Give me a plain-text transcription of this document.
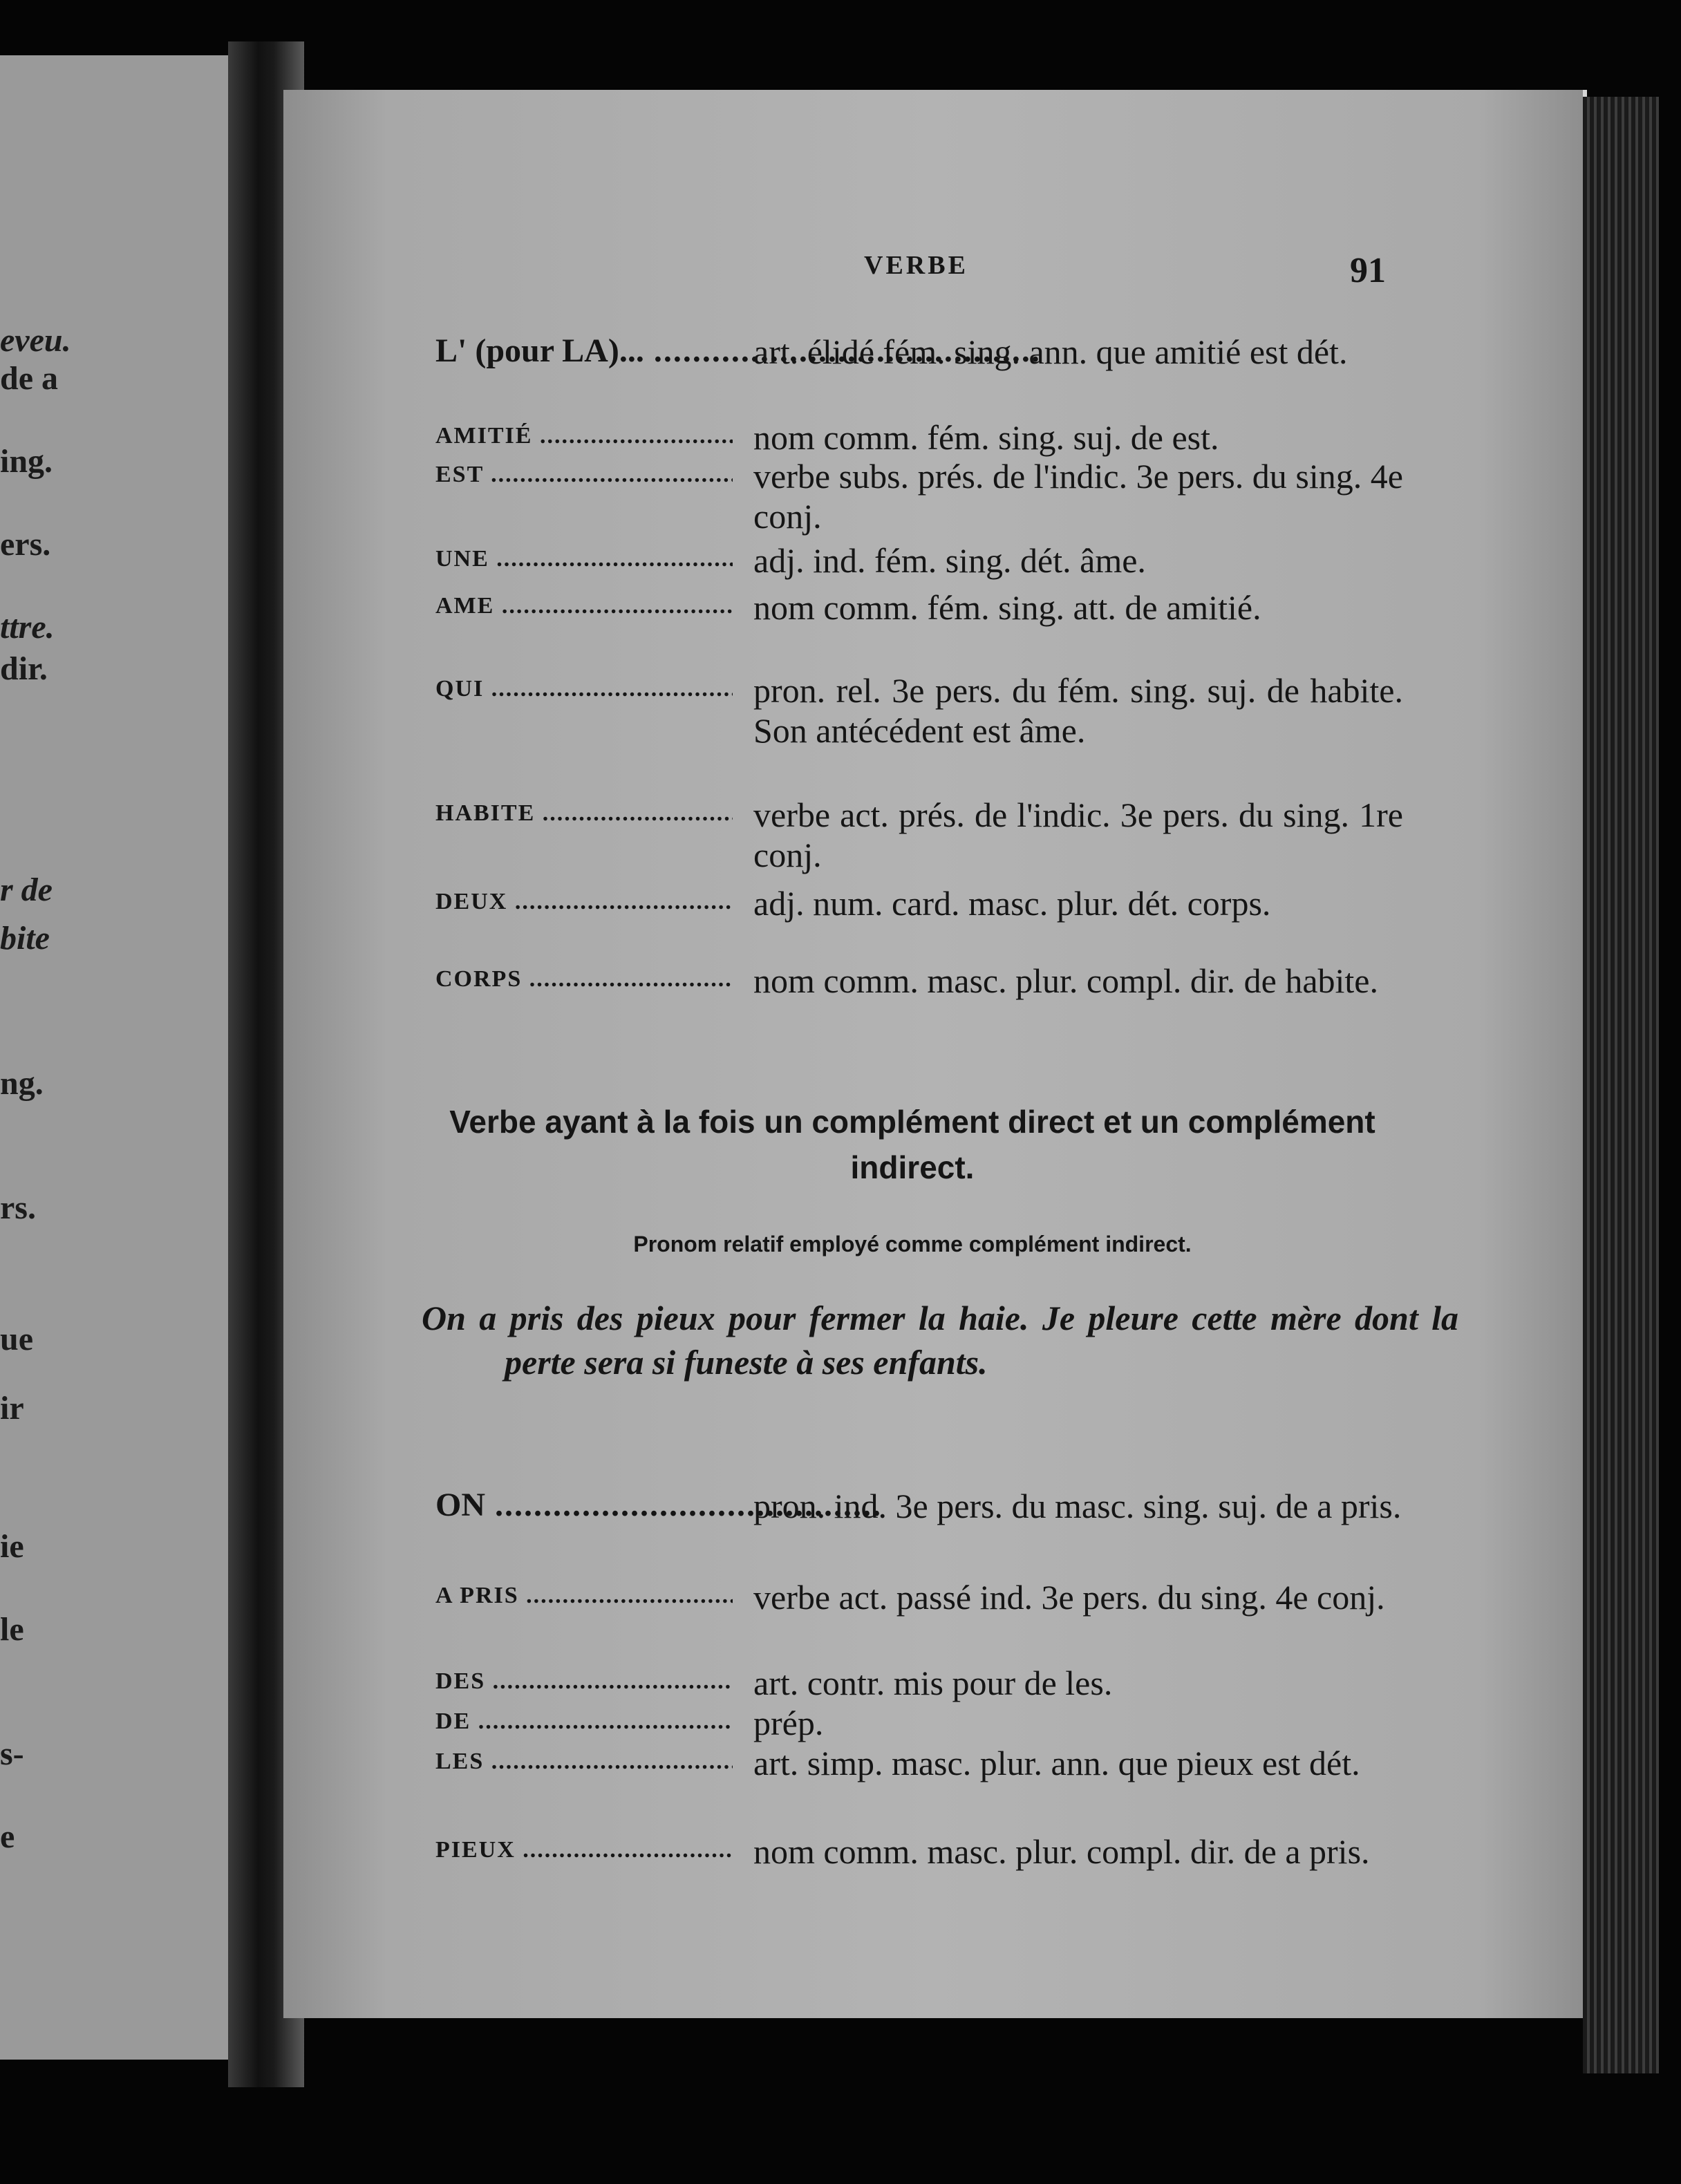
eveu.
de a
ing.
ers.
ttre.
dir.
r de
bite
ng.
rs.
ue
ir
ie
le
s-
e
VERBE	91
L' (pour LA)... .....	art. élidé fém. sing. ann. que amitié est dét.
AMITIÉ .....	nom comm. fém. sing. suj. de est.
EST .....	verbe subs. prés. de l'indic. 3e pers. du sing. 4e conj.
UNE .....	adj. ind. fém. sing. dét. âme.
AME .....	nom comm. fém. sing. att. de amitié.
QUI .....	pron. rel. 3e pers. du fém. sing. suj. de habite. Son antécédent est âme.
HABITE .....	verbe act. prés. de l'indic. 3e pers. du sing. 1re conj.
DEUX .....	adj. num. card. masc. plur. dét. corps.
CORPS .....	nom comm. masc. plur. compl. dir. de habite.
Verbe ayant à la fois un complément direct et un complément indirect.
Pronom relatif employé comme complément indirect.
On a pris des pieux pour fermer la haie. Je pleure cette mère dont la perte sera si funeste à ses enfants.
ON .....	pron. ind. 3e pers. du masc. sing. suj. de a pris.
A PRIS .....	verbe act. passé ind. 3e pers. du sing. 4e conj.
DES .....	art. contr. mis pour de les.
DE .....	prép.
LES .....	art. simp. masc. plur. ann. que pieux est dét.
PIEUX .....	nom comm. masc. plur. compl. dir. de a pris.
